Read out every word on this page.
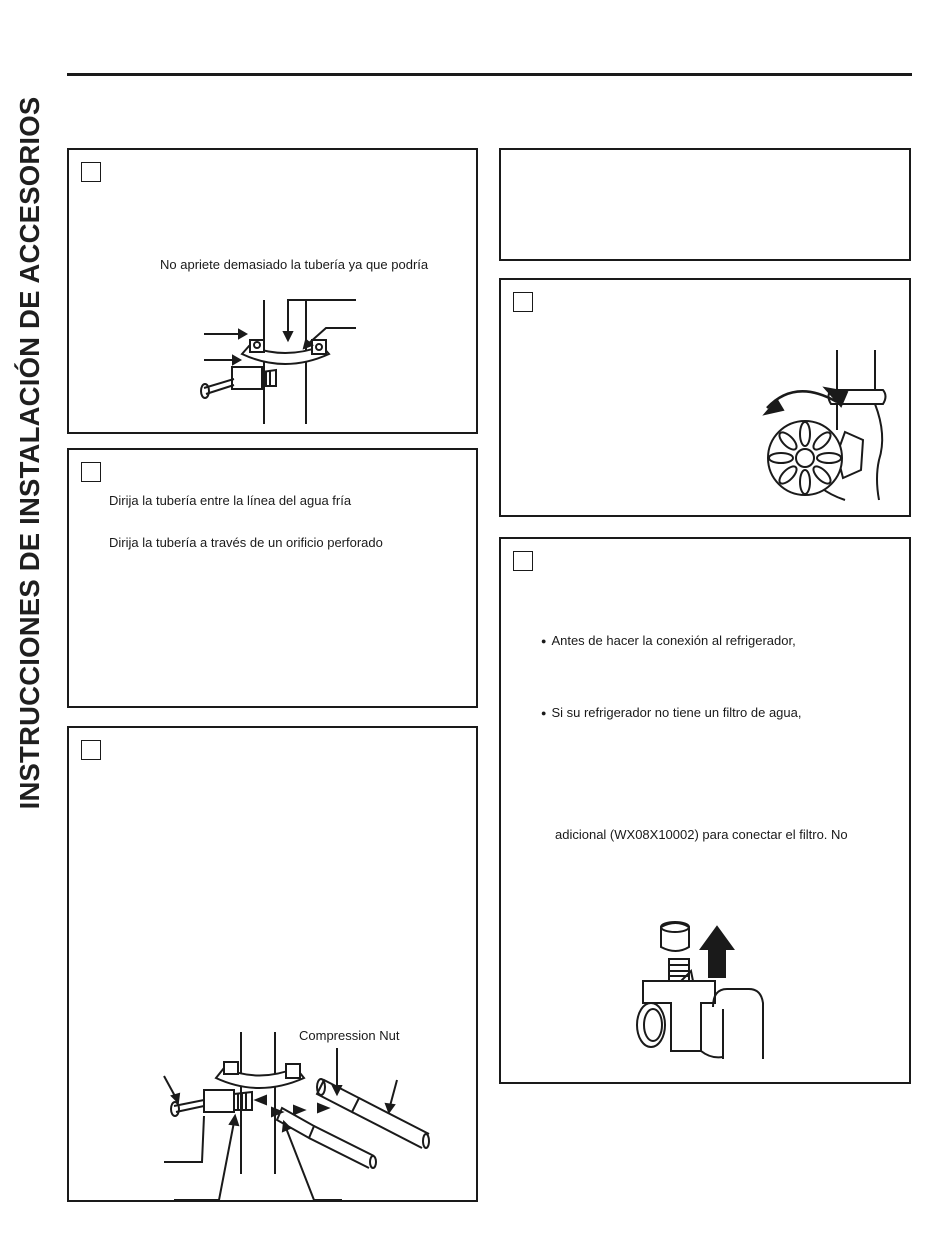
INSTRUCCIONES DE INSTALACIÓN DE ACCESORIOS	No apriete demasiado la tubería ya que podría
Dirija la tubería entre la línea del agua fría
Dirija la tubería a través de un orificio perforado
Compression Nut
● Antes de hacer la conexión al refrigerador,
● Si su refrigerador no tiene un filtro de agua,
adicional (WX08X10002) para conectar el filtro. No
